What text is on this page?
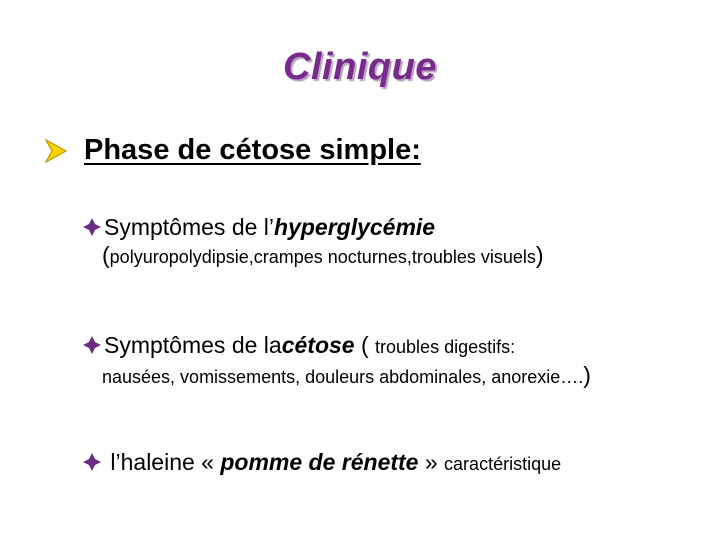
Clinique
Phase de cétose simple:
Symptômes de l’ hyperglycémie
(polyuropolydipsie,crampes nocturnes,troubles visuels)
Symptômes de la cétose ( troubles digestifs:
nausées, vomissements, douleurs abdominales, anorexie….)
l’haleine « pomme de rénette » caractéristique
